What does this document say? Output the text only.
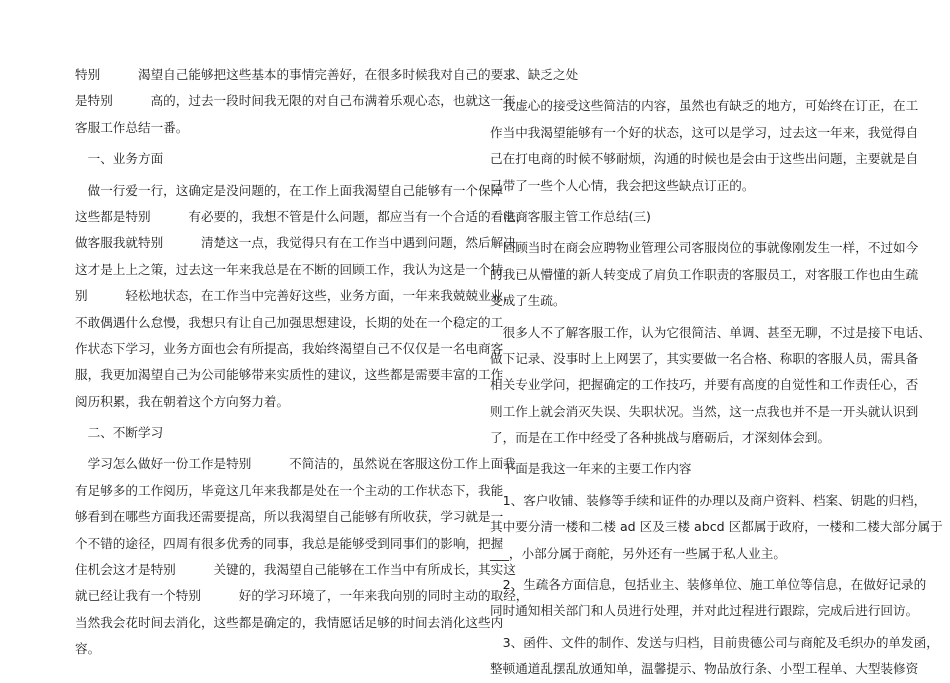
特别　　　渴望自己能够把这些基本的事情完善好，在很多时候我对自己的要求
是特别　　　高的，过去一段时间我无限的对自己布满着乐观心态，也就这一年
客服工作总结一番。
　一、业务方面
　做一行爱一行，这确定是没问题的，在工作上面我渴望自己能够有一个保障
这些都是特别　　　有必要的，我想不管是什么问题，都应当有一个合适的看法，
做客服我就特别　　　清楚这一点，我觉得只有在工作当中遇到问题，然后解决
这才是上上之策，过去这一年来我总是在不断的回顾工作，我认为这是一个特
别　　　轻松地状态，在工作当中完善好这些，业务方面，一年来我兢兢业业，
不敢偶遇什么怠慢，我想只有让自己加强思想建设，长期的处在一个稳定的工
作状态下学习，业务方面也会有所提高，我始终渴望自己不仅仅是一名电商客
服，我更加渴望自己为公司能够带来实质性的建议，这些都是需要丰富的工作
阅历积累，我在朝着这个方向努力着。
　二、不断学习
　学习怎么做好一份工作是特别　　　不简洁的，虽然说在客服这份工作上面我
有足够多的工作阅历，毕竟这几年来我都是处在一个主动的工作状态下，我能
够看到在哪些方面我还需要提高，所以我渴望自己能够有所收获，学习就是一
个不错的途径，四周有很多优秀的同事，我总是能够受到同事们的影响，把握
住机会这才是特别　　　关键的，我渴望自己能够在工作当中有所成长，其实这
就已经让我有一个特别　　　好的学习环境了，一年来我向别的同时主动的取经，
当然我会花时间去消化，这些都是确定的，我情愿话足够的时间去消化这些内
容。
　三、缺乏之处
　我虚心的接受这些简洁的内容，虽然也有缺乏的地方，可始终在订正，在工
作当中我渴望能够有一个好的状态，这可以是学习，过去这一年来，我觉得自
己在打电商的时候不够耐烦，沟通的时候也是会由于这些出问题，主要就是自
己带了一些个人心情，我会把这些缺点订正的。
　电商客服主管工作总结(三)
　回顾当时在商会应聘物业管理公司客服岗位的事就像刚发生一样，不过如今
的我已从懵懂的新人转变成了肩负工作职责的客服员工，对客服工作也由生疏
变成了生疏。
　很多人不了解客服工作，认为它很简洁、单调、甚至无聊，不过是接下电话、
做下记录、没事时上上网罢了，其实要做一名合格、称职的客服人员，需具备
相关专业学问，把握确定的工作技巧，并要有高度的自觉性和工作责任心，否
则工作上就会消灭失误、失职状况。当然，这一点我也并不是一开头就认识到
了，而是在工作中经受了各种挑战与磨砺后，才深刻体会到。
　下面是我这一年来的主要工作内容
　1、客户收铺、装修等手续和证件的办理以及商户资料、档案、钥匙的归档，
其中要分清一楼和二楼 ad 区及三楼 abcd 区都属于政府，一楼和二楼大部分属于
___，小部分属于商舵，另外还有一些属于私人业主。
　2、生疏各方面信息，包括业主、装修单位、施工单位等信息，在做好记录的
同时通知相关部门和人员进行处理，并对此过程进行跟踪，完成后进行回访。
　3、函件、文件的制作、发送与归档，目前贵德公司与商舵及毛织办的单发函，
整顿通道乱摆乱放通知单，温馨提示、物品放行条、小型工程单、大型装修资
